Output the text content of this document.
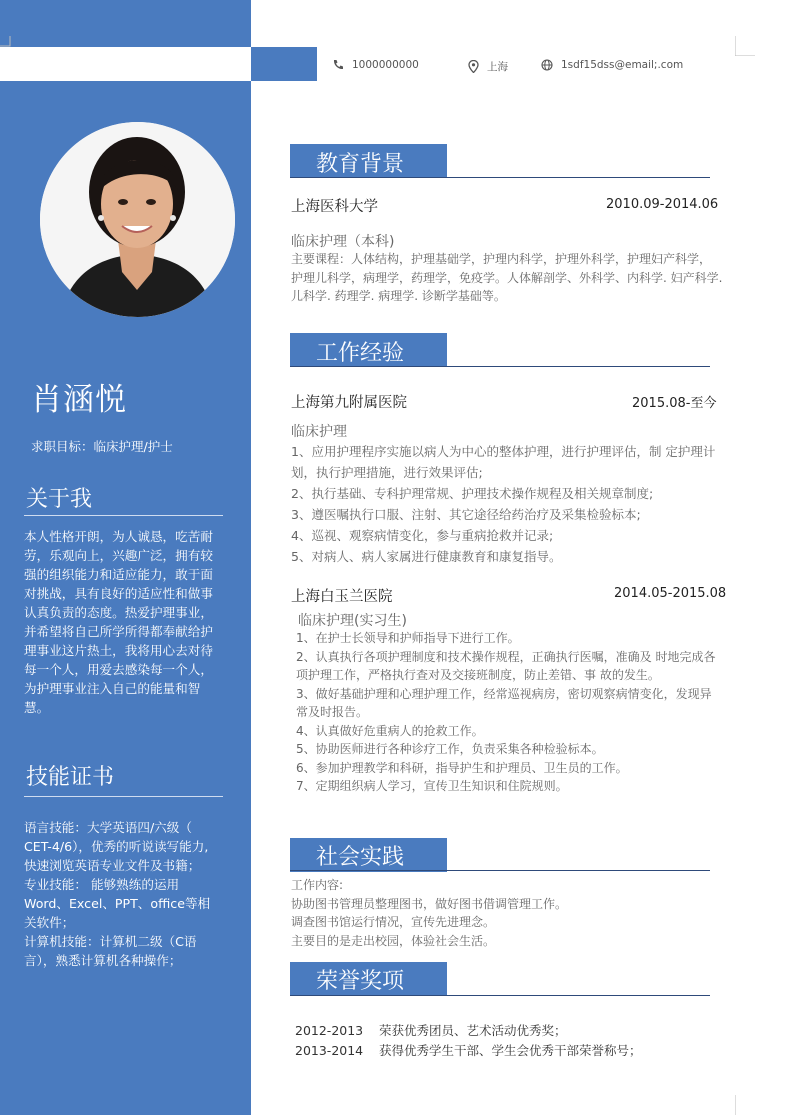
肖涵悦
求职目标：临床护理/护士
关于我
本人性格开朗，为人诚恳，吃苦耐劳，乐观向上，兴趣广泛，拥有较 强的组织能力和适应能力，敢于面对挑战，具有良好的适应性和做事 认真负责的态度。热爱护理事业，并希望将自己所学所得都奉献给护 理事业这片热土，我将用心去对待每一个人，用爱去感染每一个人，为护理事业注入自己的能量和智慧。
技能证书

语言技能：大学英语四/六级（ CET-4/6），优秀的听说读写能力,快速浏览英语专业文件及书籍；

专业技能： 能够熟练的运用Word、Excel、PPT、office等相关软件；

计算机技能：计算机二级（C语言），熟悉计算机各种操作；

1000000000	上海	1sdf15dss@email;.com
教育背景
上海医科大学	2010.09-2014.06
临床护理（本科)
主要课程：人体结构，护理基础学，护理内科学，护理外科学，护理妇产科学， 护理儿科学，病理学，药理学，免疫学。人体解剖学、外科学、内科学. 妇产科学. 儿科学. 药理学. 病理学. 诊断学基础等。
工作经验
上海第九附属医院	2015.08-至今
临床护理

1、应用护理程序实施以病人为中心的整体护理，进行护理评估，制 定护理计划，执行护理措施，进行效果评估;

2、执行基础、专科护理常规、护理技术操作规程及相关规章制度;

3、遵医嘱执行口服、注射、其它途径给药治疗及采集检验标本;

4、巡视、观察病情变化，参与重病抢救并记录;

5、对病人、病人家属进行健康教育和康复指导。

上海白玉兰医院	2014.05-2015.08
临床护理(实习生)

1、在护士长领导和护师指导下进行工作。

2、认真执行各项护理制度和技术操作规程，正确执行医嘱，准确及 时地完成各项护理工作，严格执行查对及交接班制度，防止差错、事 故的发生。

3、做好基础护理和心理护理工作，经常巡视病房，密切观察病情变化，发现异常及时报告。

4、认真做好危重病人的抢救工作。

5、协助医师进行各种诊疗工作，负责采集各种检验标本。

6、参加护理教学和科研，指导护生和护理员、卫生员的工作。

7、定期组织病人学习，宣传卫生知识和住院规则。

社会实践

工作内容:

协助图书管理员整理图书，做好图书借调管理工作。

调查图书馆运行情况，宣传先进理念。

主要目的是走出校园，体验社会生活。

荣誉奖项
2012-2013 荣获优秀团员、艺术活动优秀奖；
2013-2014 获得优秀学生干部、学生会优秀干部荣誉称号；
